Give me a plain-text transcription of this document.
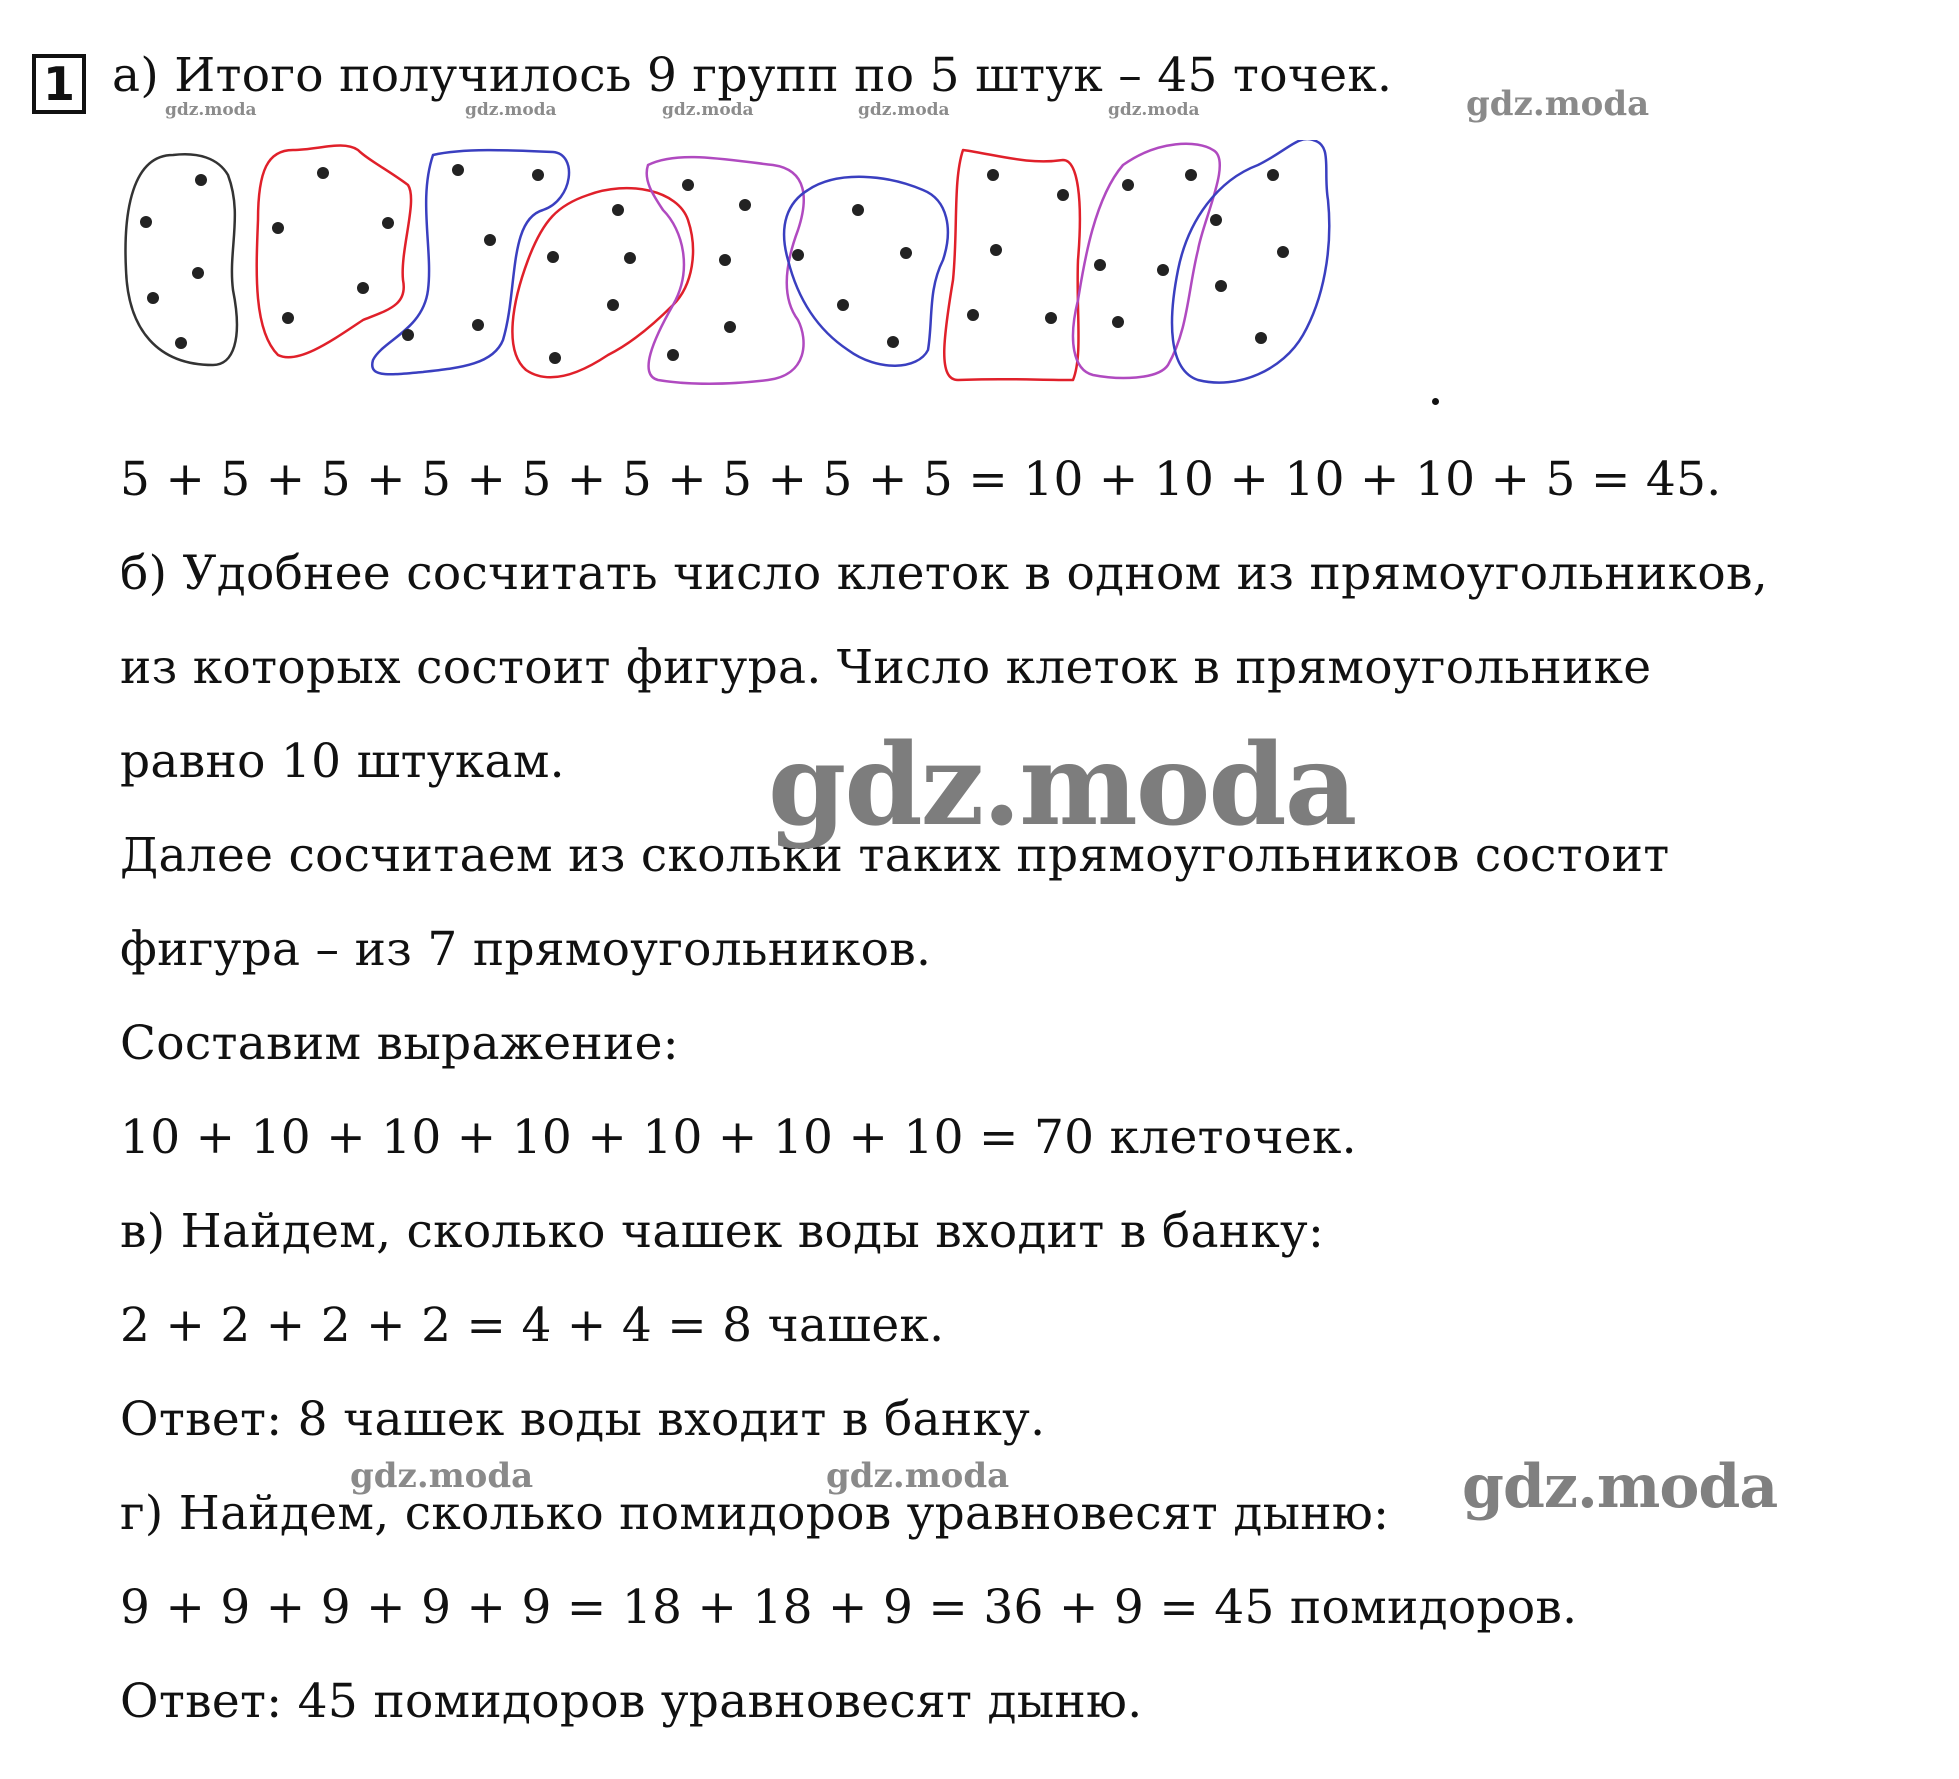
1 а) Итого получилось 9 групп по 5 штук – 45 точек.
5 + 5 + 5 + 5 + 5 + 5 + 5 + 5 + 5 = 10 + 10 + 10 + 10 + 5 = 45.
б) Удобнее сосчитать число клеток в одном из прямоугольников,
из которых состоит фигура. Число клеток в прямоугольнике
равно 10 штукам.
Далее сосчитаем из скольки таких прямоугольников состоит
фигура – из 7 прямоугольников.
Составим выражение:
10 + 10 + 10 + 10 + 10 + 10 + 10 = 70 клеточек.
в) Найдем, сколько чашек воды входит в банку:
2 + 2 + 2 + 2 = 4 + 4 = 8 чашек.
Ответ: 8 чашек воды входит в банку.
г) Найдем, сколько помидоров уравновесят дыню:
9 + 9 + 9 + 9 + 9 = 18 + 18 + 9 = 36 + 9 = 45 помидоров.
Ответ: 45 помидоров уравновесят дыню.
gdz.moda	gdz.moda	gdz.moda	gdz.moda	gdz.moda	gdz.moda
gdz.moda
gdz.moda	gdz.moda	gdz.moda
